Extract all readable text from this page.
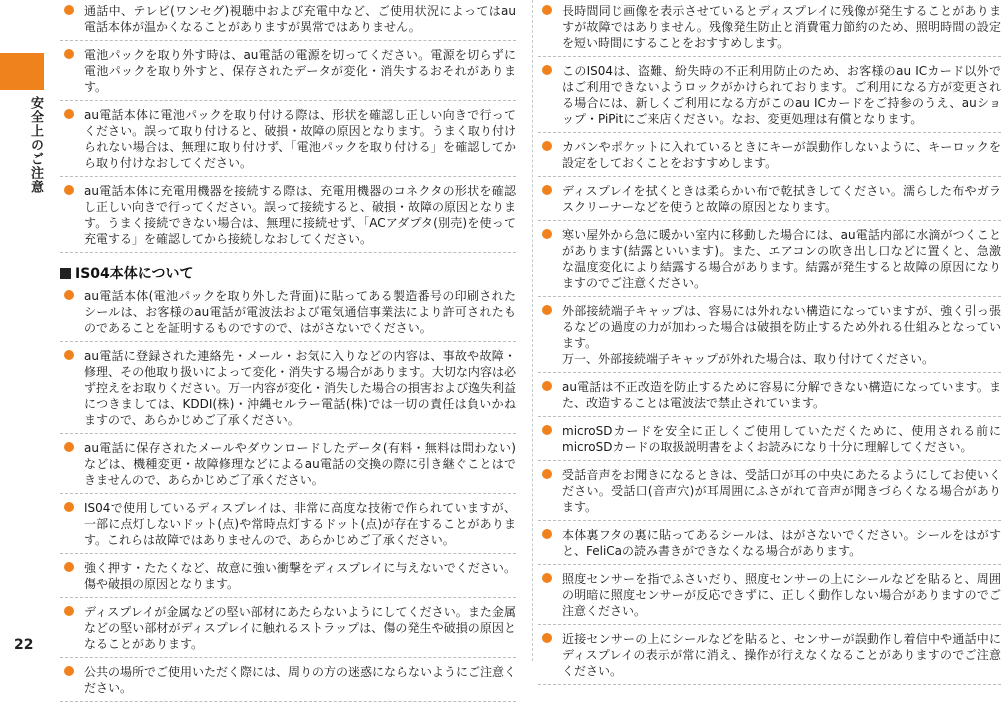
安全上のご注意
22
通話中、テレビ(ワンセグ)視聴中および充電中など、ご使用状況によってはau電話本体が温かくなることがありますが異常ではありません。
電池パックを取り外す時は、au電話の電源を切ってください。電源を切らずに電池パックを取り外すと、保存されたデータが変化・消失するおそれがあります。
au電話本体に電池パックを取り付ける際は、形状を確認し正しい向きで行ってください。誤って取り付けると、破損・故障の原因となります。うまく取り付けられない場合は、無理に取り付けず、「電池パックを取り付ける」を確認してから取り付けなおしてください。
au電話本体に充電用機器を接続する際は、充電用機器のコネクタの形状を確認し正しい向きで行ってください。誤って接続すると、破損・故障の原因となります。うまく接続できない場合は、無理に接続せず、「ACアダプタ(別売)を使って充電する」を確認してから接続しなおしてください。
IS04本体について
au電話本体(電池パックを取り外した背面)に貼ってある製造番号の印刷されたシールは、お客様のau電話が電波法および電気通信事業法により許可されたものであることを証明するものですので、はがさないでください。
au電話に登録された連絡先・メール・お気に入りなどの内容は、事故や故障・修理、その他取り扱いによって変化・消失する場合があります。大切な内容は必ず控えをお取りください。万一内容が変化・消失した場合の損害および逸失利益につきましては、KDDI(株)・沖縄セルラー電話(株)では一切の責任は負いかねますので、あらかじめご了承ください。
au電話に保存されたメールやダウンロードしたデータ(有料・無料は問わない)などは、機種変更・故障修理などによるau電話の交換の際に引き継ぐことはできませんので、あらかじめご了承ください。
IS04で使用しているディスプレイは、非常に高度な技術で作られていますが、一部に点灯しないドット(点)や常時点灯するドット(点)が存在することがあります。これらは故障ではありませんので、あらかじめご了承ください。
強く押す・たたくなど、故意に強い衝撃をディスプレイに与えないでください。傷や破損の原因となります。
ディスプレイが金属などの堅い部材にあたらないようにしてください。また金属などの堅い部材がディスプレイに触れるストラップは、傷の発生や破損の原因となることがあります。
公共の場所でご使用いただく際には、周りの方の迷惑にならないようにご注意ください。
長時間同じ画像を表示させているとディスプレイに残像が発生することがありますが故障ではありません。残像発生防止と消費電力節約のため、照明時間の設定を短い時間にすることをおすすめします。
このIS04は、盗難、紛失時の不正利用防止のため、お客様のau ICカード以外ではご利用できないようロックがかけられております。ご利用になる方が変更される場合には、新しくご利用になる方がこのau ICカードをご持参のうえ、auショップ・PiPitにご来店ください。なお、変更処理は有償となります。
カバンやポケットに入れているときにキーが誤動作しないように、キーロックを設定をしておくことをおすすめします。
ディスプレイを拭くときは柔らかい布で乾拭きしてください。濡らした布やガラスクリーナーなどを使うと故障の原因となります。
寒い屋外から急に暖かい室内に移動した場合には、au電話内部に水滴がつくことがあります(結露といいます)。また、エアコンの吹き出し口などに置くと、急激な温度変化により結露する場合があります。結露が発生すると故障の原因になりますのでご注意ください。
外部接続端子キャップは、容易には外れない構造になっていますが、強く引っ張るなどの過度の力が加わった場合は破損を防止するため外れる仕組みとなっています。
万一、外部接続端子キャップが外れた場合は、取り付けてください。
au電話は不正改造を防止するために容易に分解できない構造になっています。また、改造することは電波法で禁止されています。
microSDカードを安全に正しくご使用していただくために、使用される前にmicroSDカードの取扱説明書をよくお読みになり十分に理解してください。
受話音声をお聞きになるときは、受話口が耳の中央にあたるようにしてお使いください。受話口(音声穴)が耳周囲にふさがれて音声が聞きづらくなる場合があります。
本体裏フタの裏に貼ってあるシールは、はがさないでください。シールをはがすと、FeliCaの読み書きができなくなる場合があります。
照度センサーを指でふさいだり、照度センサーの上にシールなどを貼ると、周囲の明暗に照度センサーが反応できずに、正しく動作しない場合がありますのでご注意ください。
近接センサーの上にシールなどを貼ると、センサーが誤動作し着信中や通話中にディスプレイの表示が常に消え、操作が行えなくなることがありますのでご注意ください。
